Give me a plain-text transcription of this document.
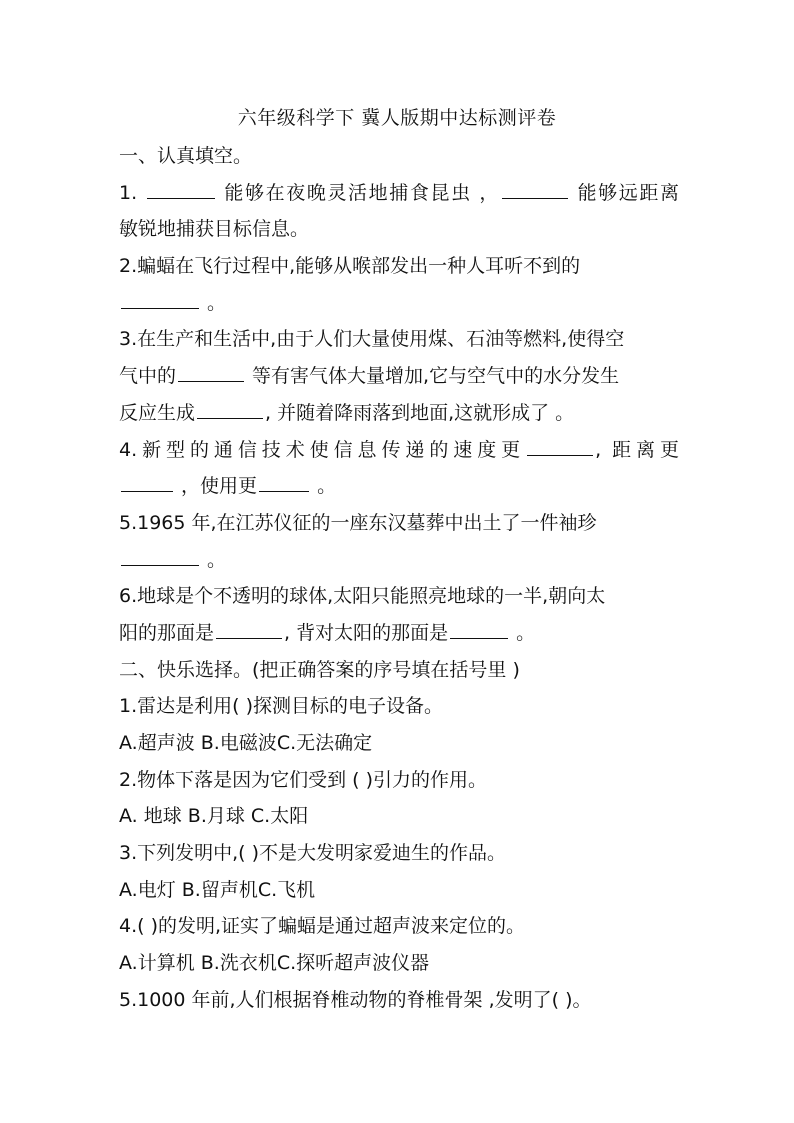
六年级科学下 冀人版期中达标测评卷
一、认真填空。
1.	能够在夜晚灵活地捕食昆虫 ，	能够远距离
敏锐地捕获目标信息。
2.蝙蝠在飞行过程中,能够从喉部发出一种人耳听不到的
。
3.在生产和生活中,由于人们大量使用煤、石油等燃料,使得空
气中的	等有害气体大量增加,它与空气中的水分发生
反应生成	, 并随着降雨落到地面,这就形成了 。
4.新型的通信技术使信息传递的速度更	, 距离更
，使用更	。
5.1965 年,在江苏仪征的一座东汉墓葬中出土了一件袖珍
。
6.地球是个不透明的球体,太阳只能照亮地球的一半,朝向太
阳的那面是	, 背对太阳的那面是	。
二、快乐选择。(把正确答案的序号填在括号里 )
1.雷达是利用( )探测目标的电子设备。
A.超声波 B.电磁波C.无法确定
2.物体下落是因为它们受到 ( )引力的作用。
A. 地球 B.月球 C.太阳
3.下列发明中,( )不是大发明家爱迪生的作品。
A.电灯 B.留声机C.飞机
4.( )的发明,证实了蝙蝠是通过超声波来定位的。
A.计算机 B.洗衣机C.探听超声波仪器
5.1000 年前,人们根据脊椎动物的脊椎骨架 ,发明了( )。
